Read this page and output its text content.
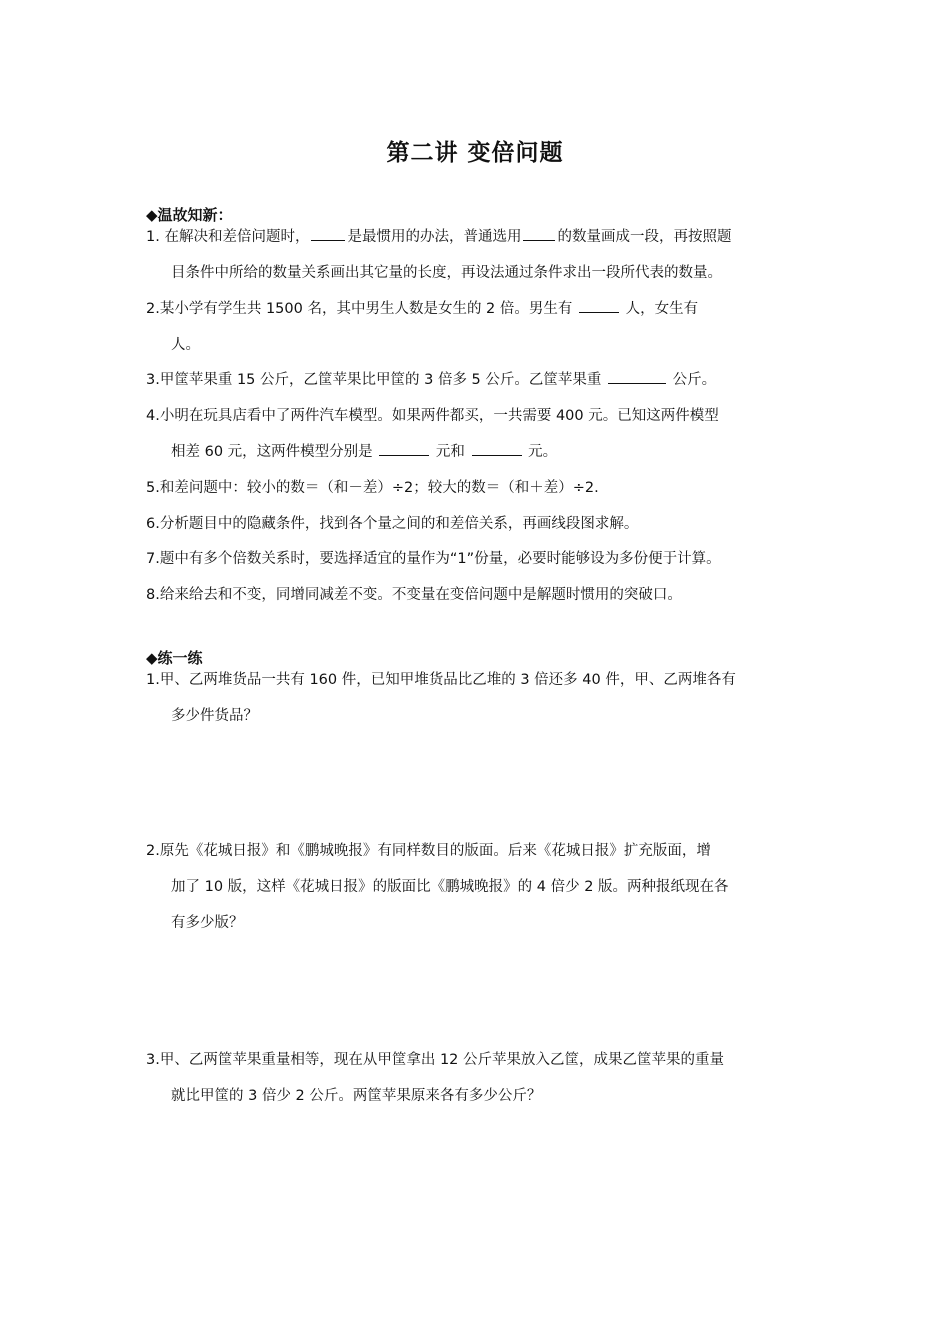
第二讲 变倍问题
◆温故知新：
1. 在解决和差倍问题时，	是最惯用的办法，普通选用 的数量画成一段，再按照题
目条件中所给的数量关系画出其它量的长度，再设法通过条件求出一段所代表的数量。
2.某小学有学生共 1500 名，其中男生人数是女生的 2 倍。男生有	人，女生有
人。
3.甲筐苹果重 15 公斤，乙筐苹果比甲筐的 3 倍多 5 公斤。乙筐苹果重	公斤。
4.小明在玩具店看中了两件汽车模型。如果两件都买，一共需要 400 元。已知这两件模型
相差 60 元，这两件模型分别是	元和	元。
5.和差问题中：较小的数＝（和－差）÷2；较大的数＝（和＋差）÷2.
6.分析题目中的隐藏条件，找到各个量之间的和差倍关系，再画线段图求解。
7.题中有多个倍数关系时，要选择适宜的量作为“1”份量，必要时能够设为多份便于计算。
8.给来给去和不变，同增同减差不变。不变量在变倍问题中是解题时惯用的突破口。
◆练一练
1.甲、乙两堆货品一共有 160 件，已知甲堆货品比乙堆的 3 倍还多 40 件，甲、乙两堆各有
多少件货品？
2.原先《花城日报》和《鹏城晚报》有同样数目的版面。后来《花城日报》扩充版面，增
加了 10 版，这样《花城日报》的版面比《鹏城晚报》的 4 倍少 2 版。两种报纸现在各
有多少版？
3.甲、乙两筐苹果重量相等，现在从甲筐拿出 12 公斤苹果放入乙筐，成果乙筐苹果的重量
就比甲筐的 3 倍少 2 公斤。两筐苹果原来各有多少公斤？
